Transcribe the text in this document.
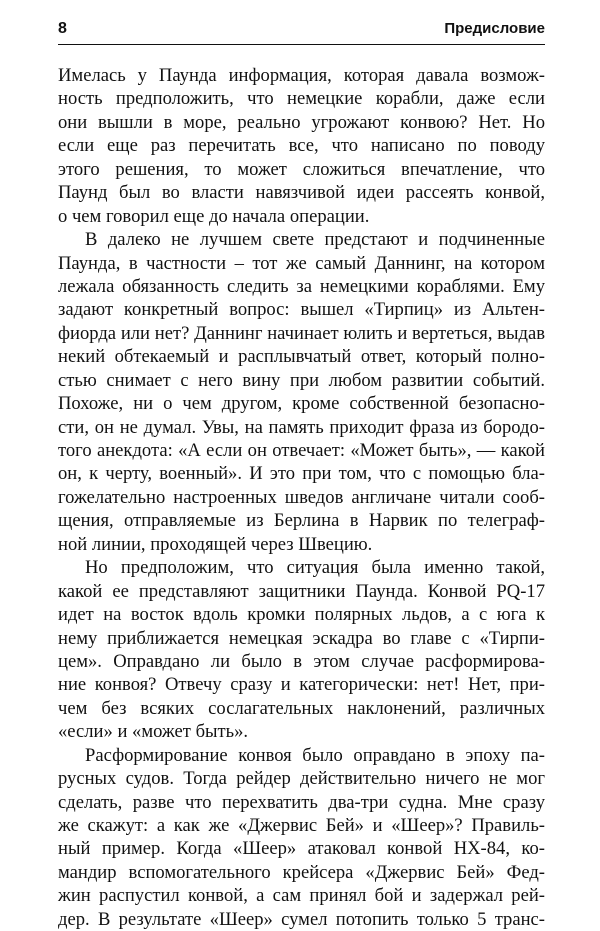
8	Предисловие
Имелась у Паунда информация, которая давала возмож-
ность предположить, что немецкие корабли, даже если
они вышли в море, реально угрожают конвою? Нет. Но
если еще раз перечитать все, что написано по поводу
этого решения, то может сложиться впечатление, что
Паунд был во власти навязчивой идеи рассеять конвой,
о чем говорил еще до начала операции.
В далеко не лучшем свете предстают и подчиненные
Паунда, в частности – тот же самый Даннинг, на котором
лежала обязанность следить за немецкими кораблями. Ему
задают конкретный вопрос: вышел «Тирпиц» из Альтен-
фиорда или нет? Даннинг начинает юлить и вертеться, выдав
некий обтекаемый и расплывчатый ответ, который полно-
стью снимает с него вину при любом развитии событий.
Похоже, ни о чем другом, кроме собственной безопасно-
сти, он не думал. Увы, на память приходит фраза из бородо-
того анекдота: «А если он отвечает: «Может быть», — какой
он, к черту, военный». И это при том, что с помощью бла-
гожелательно настроенных шведов англичане читали сооб-
щения, отправляемые из Берлина в Нарвик по телеграф-
ной линии, проходящей через Швецию.
Но предположим, что ситуация была именно такой,
какой ее представляют защитники Паунда. Конвой PQ-17
идет на восток вдоль кромки полярных льдов, а с юга к
нему приближается немецкая эскадра во главе с «Тирпи-
цем». Оправдано ли было в этом случае расформирова-
ние конвоя? Отвечу сразу и категорически: нет! Нет, при-
чем без всяких сослагательных наклонений, различных
«если» и «может быть».
Расформирование конвоя было оправдано в эпоху па-
русных судов. Тогда рейдер действительно ничего не мог
сделать, разве что перехватить два-три судна. Мне сразу
же скажут: а как же «Джервис Бей» и «Шеер»? Правиль-
ный пример. Когда «Шеер» атаковал конвой HX-84, ко-
мандир вспомогательного крейсера «Джервис Бей» Фед-
жин распустил конвой, а сам принял бой и задержал рей-
дер. В результате «Шеер» сумел потопить только 5 транс-
